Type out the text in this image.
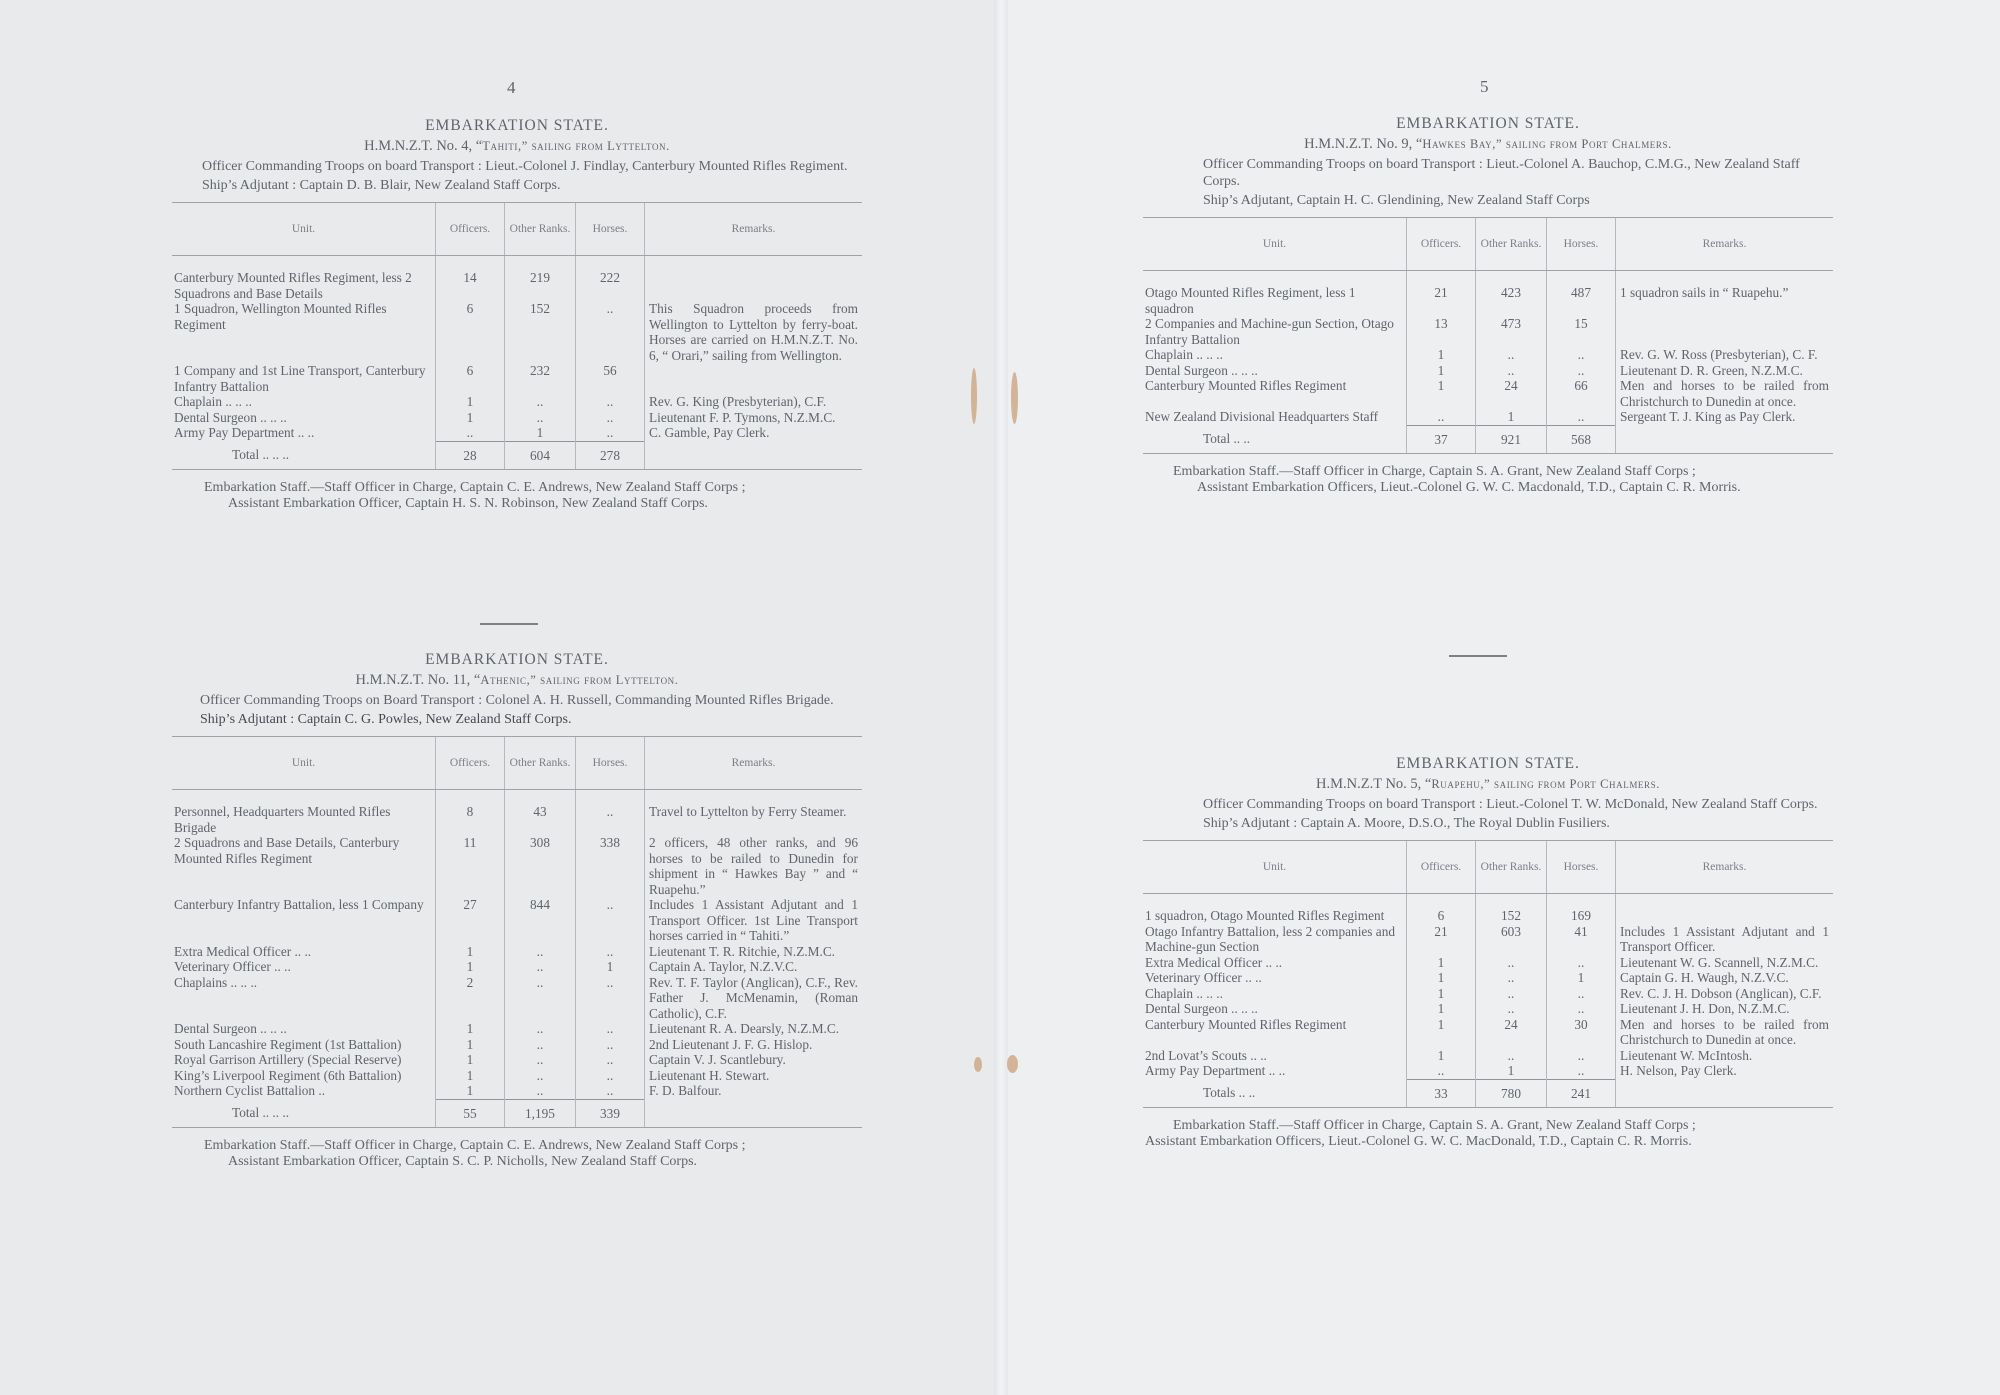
4	5
EMBARKATION STATE.
H.M.N.Z.T. No. 4, “Tahiti,” sailing from Lyttelton.
Officer Commanding Troops on board Transport : Lieut.-Colonel J. Findlay, Canterbury Mounted Rifles Regiment.
Ship’s Adjutant : Captain D. B. Blair, New Zealand Staff Corps.
Unit.	Officers.	Other Ranks.	Horses.	Remarks.
Canterbury Mounted Rifles Regiment, less 2 Squadrons and Base Details	14	219	222	
1 Squadron, Wellington Mounted Rifles Regiment	6	152	..	This Squadron proceeds from Wellington to Lyttelton by ferry-boat. Horses are carried on H.M.N.Z.T. No. 6, “ Orari,” sailing from Wellington.
1 Company and 1st Line Transport, Canterbury Infantry Battalion	6	232	56	
Chaplain .. .. ..	1	..	..	Rev. G. King (Presbyterian), C.F.
Dental Surgeon .. .. ..	1	..	..	Lieutenant F. P. Tymons, N.Z.M.C.
Army Pay Department .. ..	..	1	..	C. Gamble, Pay Clerk.
Total .. .. ..	28	604	278	
Embarkation Staff.—Staff Officer in Charge, Captain C. E. Andrews, New Zealand Staff Corps ;
Assistant Embarkation Officer, Captain H. S. N. Robinson, New Zealand Staff Corps.
EMBARKATION STATE.
H.M.N.Z.T. No. 11, “Athenic,” sailing from Lyttelton.
Officer Commanding Troops on Board Transport : Colonel A. H. Russell, Commanding Mounted Rifles Brigade.
Ship’s Adjutant : Captain C. G. Powles, New Zealand Staff Corps.
Unit.	Officers.	Other Ranks.	Horses.	Remarks.
Personnel, Headquarters Mounted Rifles Brigade	8	43	..	Travel to Lyttelton by Ferry Steamer.
2 Squadrons and Base Details, Canterbury Mounted Rifles Regiment	11	308	338	2 officers, 48 other ranks, and 96 horses to be railed to Dunedin for shipment in “ Hawkes Bay ” and “ Ruapehu.”
Canterbury Infantry Battalion, less 1 Company	27	844	..	Includes 1 Assistant Adjutant and 1 Transport Officer. 1st Line Transport horses carried in “ Tahiti.”
Extra Medical Officer .. ..	1	..	..	Lieutenant T. R. Ritchie, N.Z.M.C.
Veterinary Officer .. ..	1	..	1	Captain A. Taylor, N.Z.V.C.
Chaplains .. .. ..	2	..	..	Rev. T. F. Taylor (Anglican), C.F., Rev. Father J. McMenamin, (Roman Catholic), C.F.
Dental Surgeon .. .. ..	1	..	..	Lieutenant R. A. Dearsly, N.Z.M.C.
South Lancashire Regiment (1st Battalion)	1	..	..	2nd Lieutenant J. F. G. Hislop.
Royal Garrison Artillery (Special Reserve)	1	..	..	Captain V. J. Scantlebury.
King’s Liverpool Regiment (6th Battalion)	1	..	..	Lieutenant H. Stewart.
Northern Cyclist Battalion ..	1	..	..	F. D. Balfour.
Total .. .. ..	55	1,195	339	
Embarkation Staff.—Staff Officer in Charge, Captain C. E. Andrews, New Zealand Staff Corps ;
Assistant Embarkation Officer, Captain S. C. P. Nicholls, New Zealand Staff Corps.
EMBARKATION STATE.
H.M.N.Z.T. No. 9, “Hawkes Bay,” sailing from Port Chalmers.
Officer Commanding Troops on board Transport : Lieut.-Colonel A. Bauchop, C.M.G., New Zealand Staff Corps.
Ship’s Adjutant, Captain H. C. Glendining, New Zealand Staff Corps
Unit.	Officers.	Other Ranks.	Horses.	Remarks.
Otago Mounted Rifles Regiment, less 1 squadron	21	423	487	1 squadron sails in “ Ruapehu.”
2 Companies and Machine-gun Section, Otago Infantry Battalion	13	473	15	
Chaplain .. .. ..	1	..	..	Rev. G. W. Ross (Presbyterian), C. F.
Dental Surgeon .. .. ..	1	..	..	Lieutenant D. R. Green, N.Z.M.C.
Canterbury Mounted Rifles Regiment	1	24	66	Men and horses to be railed from Christchurch to Dunedin at once.
New Zealand Divisional Headquarters Staff	..	1	..	Sergeant T. J. King as Pay Clerk.
Total .. ..	37	921	568	
Embarkation Staff.—Staff Officer in Charge, Captain S. A. Grant, New Zealand Staff Corps ;
Assistant Embarkation Officers, Lieut.-Colonel G. W. C. Macdonald, T.D., Captain C. R. Morris.
EMBARKATION STATE.
H.M.N.Z.T No. 5, “Ruapehu,” sailing from Port Chalmers.
Officer Commanding Troops on board Transport : Lieut.-Colonel T. W. McDonald, New Zealand Staff Corps.
Ship’s Adjutant : Captain A. Moore, D.S.O., The Royal Dublin Fusiliers.
Unit.	Officers.	Other Ranks.	Horses.	Remarks.
1 squadron, Otago Mounted Rifles Regiment	6	152	169	
Otago Infantry Battalion, less 2 companies and Machine-gun Section	21	603	41	Includes 1 Assistant Adjutant and 1 Transport Officer.
Extra Medical Officer .. ..	1	..	..	Lieutenant W. G. Scannell, N.Z.M.C.
Veterinary Officer .. ..	1	..	1	Captain G. H. Waugh, N.Z.V.C.
Chaplain .. .. ..	1	..	..	Rev. C. J. H. Dobson (Anglican), C.F.
Dental Surgeon .. .. ..	1	..	..	Lieutenant J. H. Don, N.Z.M.C.
Canterbury Mounted Rifles Regiment	1	24	30	Men and horses to be railed from Christchurch to Dunedin at once.
2nd Lovat’s Scouts .. ..	1	..	..	Lieutenant W. McIntosh.
Army Pay Department .. ..	..	1	..	H. Nelson, Pay Clerk.
Totals .. ..	33	780	241	
Embarkation Staff.—Staff Officer in Charge, Captain S. A. Grant, New Zealand Staff Corps ;
Assistant Embarkation Officers, Lieut.-Colonel G. W. C. MacDonald, T.D., Captain C. R. Morris.
